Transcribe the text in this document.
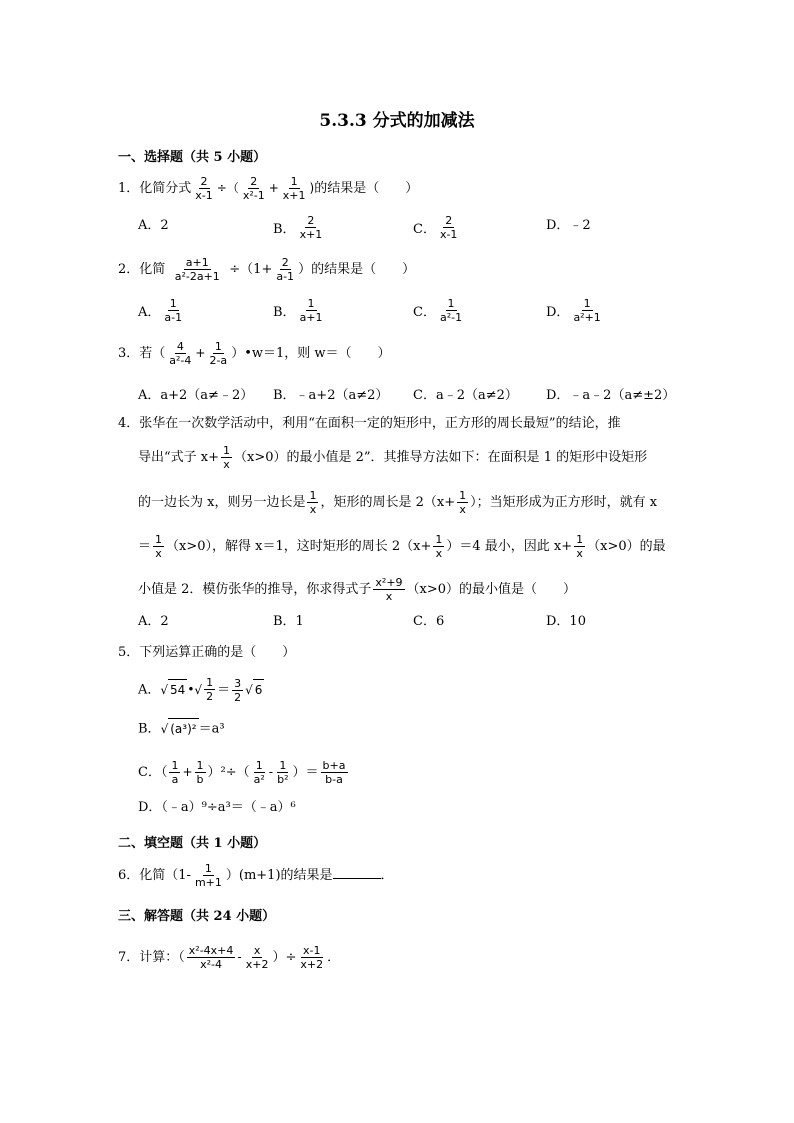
5.3.3 分式的加减法
一、选择题（共 5 小题）
1．化简分式 $\frac{2}{x-1}$ ÷（ $\frac{2}{\text{x²-1}} + \frac{1}{x+1}$ )的结果是（　　）
A．2	B． $\frac{2}{x+1}$	C． $\frac{2}{x-1}$	D．﹣2
2．化简 $\frac{a+1}{\text{a²-2a+1}} \div(1+ \frac{2}{a-1}$ ）的结果是（　　）
A． $\frac{1}{a-1}$	B． $\frac{1}{a+1}$	C． $\frac{1}{\text{a²-1}}$	D． $\frac{1}{\text{a²+1}}$
3．若（ $\frac{4}{\text{a²-4}} + \frac{1}{2-a}$ ）•w＝1，则 w＝（　　）
A．a+2（a≠﹣2） B．﹣a+2（a≠2） C．a﹣2（a≠2） D．﹣a﹣2（a≠±2）
4．张华在一次数学活动中，利用“在面积一定的矩形中，正方形的周长最短”的结论，推
导出“式子 $x+ \frac{1}{x} (x>0)$的最小值是 2”．其推导方法如下：在面积是 1 的矩形中设矩形
的一边长为 x，则另一边长是 $\frac{1}{x}$ ，矩形的周长是 $2(x+ \frac{1}{x}$ ）；当矩形成为正方形时，就有 x
＝ $\frac{1}{x} (x>0)$，解得 x＝1，这时矩形的周长 $2(x+ \frac{1}{x} )=4$ 最小，因此 $x+ \frac{1}{x} (x>0)$的最
小值是 2．模仿张华的推导，你求得式子 $\frac{\text{x²+9}}{x} (x>0)$的最小值是（　　）
A．2	B．1	C．6	D．10
5．下列运算正确的是（　　）
A．√ 54 •√ $\frac{1}{2} = \frac{3}{2}$ √ 6
B．√ (a³)² ＝a³
C．（ $\frac{1}{a} + \frac{1}{b} )^2\div( \frac{1}{\text{a²}} - \frac{1}{\text{b²}}$ ）＝ $\frac{b+a}{b-a}$
D．（﹣a）⁹÷a³＝（﹣a）⁶
二、填空题（共 1 小题）
6．化简$(1- \frac{1}{m+1} )(m+1)$的结果是	．
三、解答题（共 24 小题）
7．计算：（ $\frac{\text{x²-4x+4}}{\text{x²-4}} - \frac{x}{x+2}$ ）÷ $\frac{x-1}{x+2}$ ．
